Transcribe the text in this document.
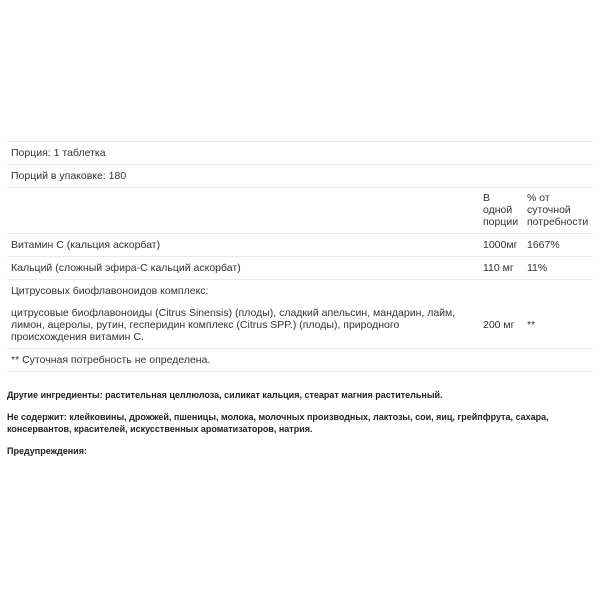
Порция: 1 таблетка		
Порций в упаковке: 180		
	В одной порции	% от суточной потребности
Витамин C (кальция аскорбат)	1000мг	1667%
Кальций (сложный эфира-С кальций аскорбат)	110 мг	11%
Цитрусовых биофлавоноидов комплекс:		
цитрусовые биофлавоноиды (Citrus Sinensis) (плоды), сладкий апельсин, мандарин, лайм, лимон, ацеролы, рутин, гесперидин комплекс (Citrus SPP.) (плоды), природного происхождения витамин C.	200 мг	**
** Суточная потребность не определена.		

Другие ингредиенты: растительная целлюлоза, силикат кальция, стеарат магния растительный.

Не содержит: клейковины, дрожжей, пшеницы, молока, молочных производных, лактозы, сои, яиц, грейпфрута, сахара, консервантов, красителей, искусственных ароматизаторов, натрия.

Предупреждения:
